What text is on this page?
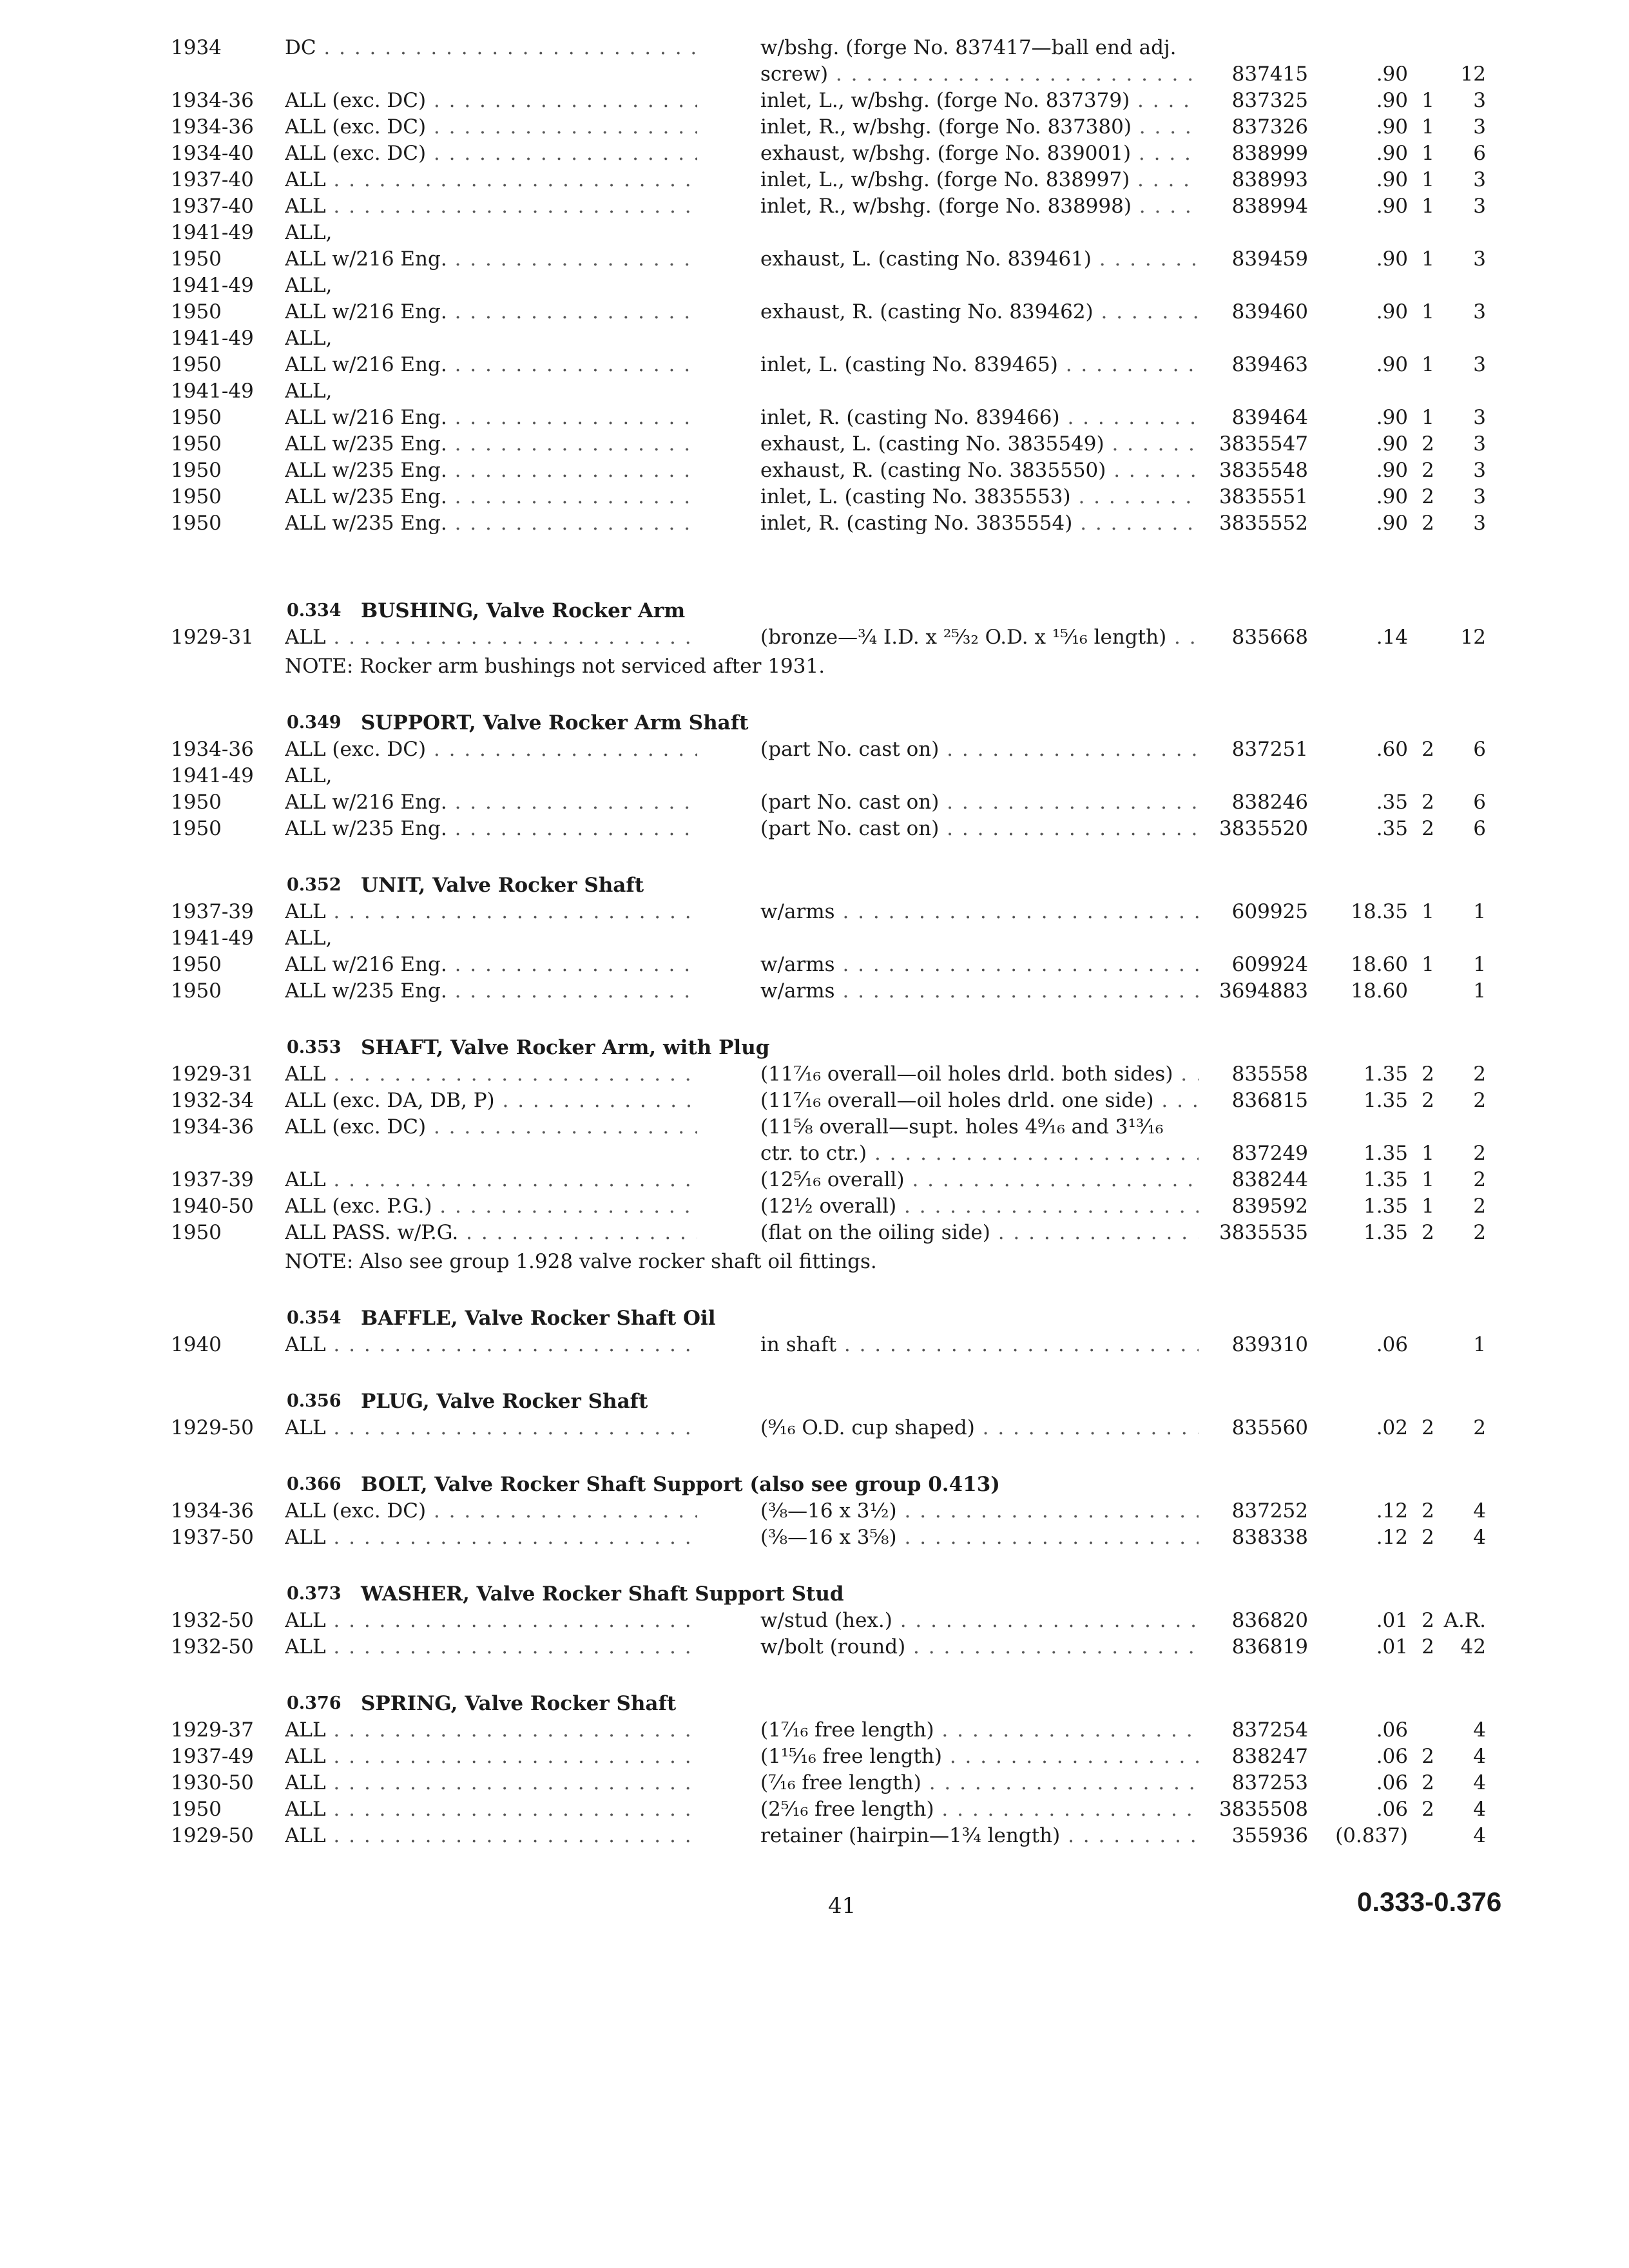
1934	DC . . .	w/bshg. (forge No. 837417—ball end adj.
screw) . . .	837415	.90	12
1934-36 ALL (exc. DC) . . .	inlet, L., w/bshg. (forge No. 837379) . . .	837325	.90 1	3
1934-36 ALL (exc. DC) . . .	inlet, R., w/bshg. (forge No. 837380) . . .	837326	.90 1	3
1934-40 ALL (exc. DC) . . .	exhaust, w/bshg. (forge No. 839001) . . .	838999	.90 1	6
1937-40 ALL . . .	inlet, L., w/bshg. (forge No. 838997) . . .	838993	.90 1	3
1937-40 ALL . . .	inlet, R., w/bshg. (forge No. 838998) . . .	838994	.90 1	3
1941-49 ALL,
1950	ALL w/216 Eng. . . .	exhaust, L. (casting No. 839461) . . .	839459	.90 1	3
1941-49 ALL,
1950	ALL w/216 Eng. . . .	exhaust, R. (casting No. 839462) . . .	839460	.90 1	3
1941-49 ALL,
1950	ALL w/216 Eng. . . .	inlet, L. (casting No. 839465) . . .	839463	.90 1	3
1941-49 ALL,
1950	ALL w/216 Eng. . . .	inlet, R. (casting No. 839466) . . .	839464	.90 1	3
1950	ALL w/235 Eng. . . .	exhaust, L. (casting No. 3835549) . . .	3835547	.90 2	3
1950	ALL w/235 Eng. . . .	exhaust, R. (casting No. 3835550) . . .	3835548	.90 2	3
1950	ALL w/235 Eng. . . .	inlet, L. (casting No. 3835553) . . .	3835551	.90 2	3
1950	ALL w/235 Eng. . . .	inlet, R. (casting No. 3835554) . . .	3835552	.90 2	3
0.334 BUSHING, Valve Rocker Arm
1929-31 ALL . . .	(bronze—¾ I.D. x ²⁵⁄₃₂ O.D. x ¹⁵⁄₁₆ length) . . .	835668	.14	12
NOTE: Rocker arm bushings not serviced after 1931.
0.349 SUPPORT, Valve Rocker Arm Shaft
1934-36 ALL (exc. DC) . . .	(part No. cast on) . . .	837251	.60 2	6
1941-49 ALL,
1950	ALL w/216 Eng. . . .	(part No. cast on) . . .	838246	.35 2	6
1950	ALL w/235 Eng. . . .	(part No. cast on) . . .	3835520	.35 2	6
0.352 UNIT, Valve Rocker Shaft
1937-39 ALL . . .	w/arms . . .	609925	18.35 1	1
1941-49 ALL,
1950	ALL w/216 Eng. . . .	w/arms . . .	609924	18.60 1	1
1950	ALL w/235 Eng. . . .	w/arms . . .	3694883	18.60	1
0.353 SHAFT, Valve Rocker Arm, with Plug
1929-31 ALL . . .	(11⁷⁄₁₆ overall—oil holes drld. both sides) . . .	835558	1.35 2	2
1932-34 ALL (exc. DA, DB, P) . . .	(11⁷⁄₁₆ overall—oil holes drld. one side) . . .	836815	1.35 2	2
1934-36 ALL (exc. DC) . . .	(11⅝ overall—supt. holes 4⁹⁄₁₆ and 3¹³⁄₁₆
ctr. to ctr.) . . .	837249	1.35 1	2
1937-39 ALL . . .	(12⁵⁄₁₆ overall) . . .	838244	1.35 1	2
1940-50 ALL (exc. P.G.) . . .	(12½ overall) . . .	839592	1.35 1	2
1950	ALL PASS. w/P.G. . . .	(flat on the oiling side) . . .	3835535	1.35 2	2
NOTE: Also see group 1.928 valve rocker shaft oil fittings.
0.354 BAFFLE, Valve Rocker Shaft Oil
1940	ALL . . .	in shaft . . .	839310	.06	1
0.356 PLUG, Valve Rocker Shaft
1929-50 ALL . . .	(⁹⁄₁₆ O.D. cup shaped) . . .	835560	.02 2	2
0.366 BOLT, Valve Rocker Shaft Support (also see group 0.413)
1934-36 ALL (exc. DC) . . .	(⅜—16 x 3½) . . .	837252	.12 2	4
1937-50 ALL . . .	(⅜—16 x 3⅝) . . .	838338	.12 2	4
0.373 WASHER, Valve Rocker Shaft Support Stud
1932-50 ALL . . .	w/stud (hex.) . . .	836820	.01 2 A.R.
1932-50 ALL . . .	w/bolt (round) . . .	836819	.01 2	42
0.376 SPRING, Valve Rocker Shaft
1929-37 ALL . . .	(1⁷⁄₁₆ free length) . . .	837254	.06	4
1937-49 ALL . . .	(1¹⁵⁄₁₆ free length) . . .	838247	.06 2	4
1930-50 ALL . . .	(⁷⁄₁₆ free length) . . .	837253	.06 2	4
1950	ALL . . .	(2⁵⁄₁₆ free length) . . .	3835508	.06 2	4
1929-50 ALL . . .	retainer (hairpin—1¾ length) . . .	355936	(0.837)	4
41	0.333-0.376
